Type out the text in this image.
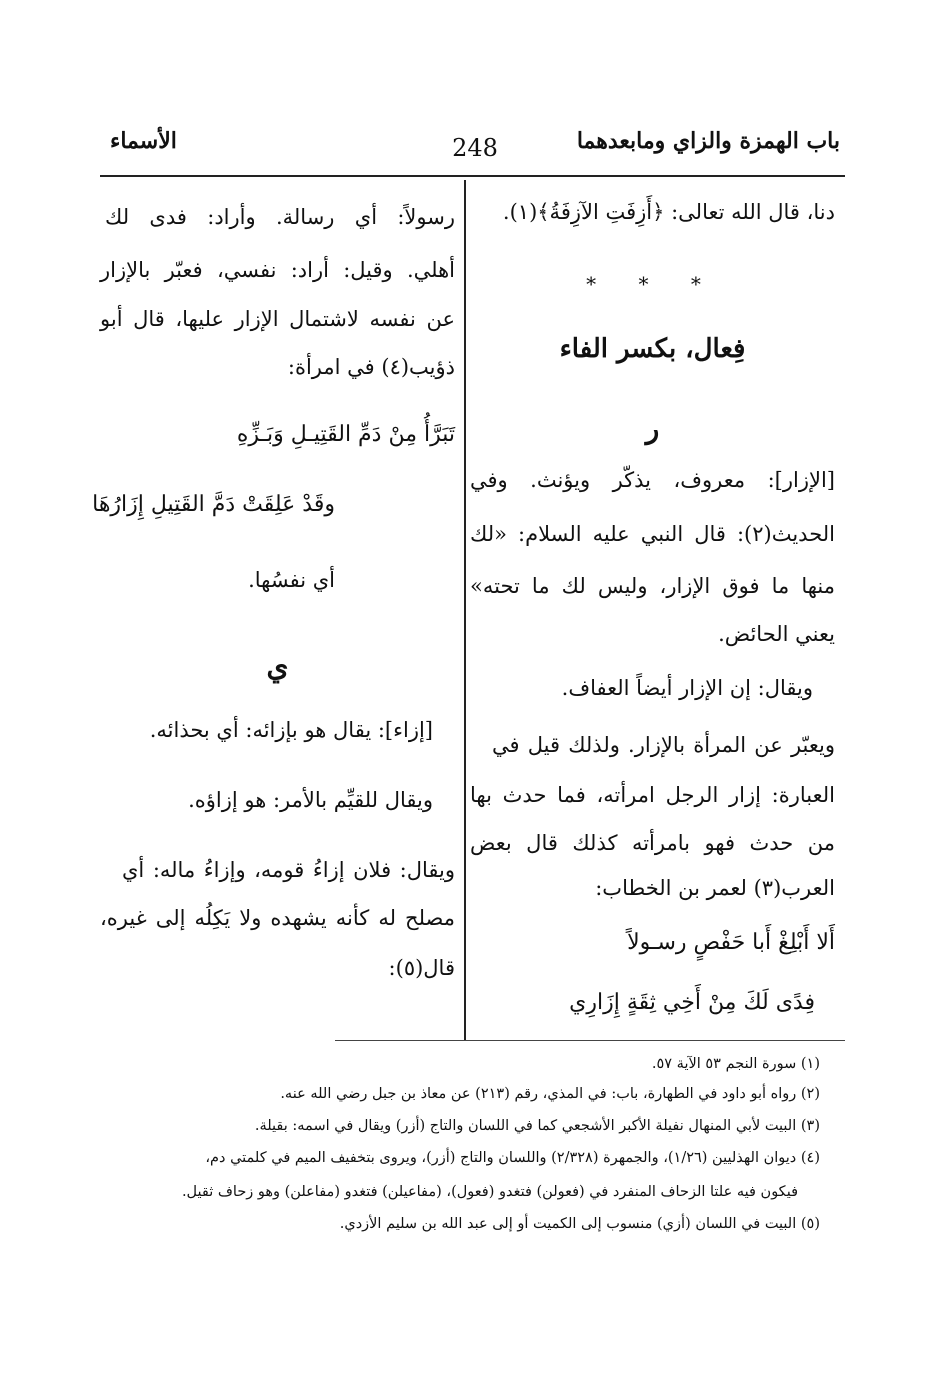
باب الهمزة والزاي ومابعدهما
248
الأسماء
دنا، قال الله تعالى: ﴿أَزِفَتِ الآزِفَةُ﴾(١).
* * *
فِعال، بكسر الفاء
ر
[الإزار]: معروف، يذكّر ويؤنث. وفي
الحديث(٢): قال النبي عليه السلام: «لك
منها ما فوق الإزار، وليس لك ما تحته»
يعني الحائض.
ويقال: إن الإزار أيضاً العفاف.
ويعبّر عن المرأة بالإزار. ولذلك قيل في
العبارة: إزار الرجل امرأته، فما حدث بها
من حدث فهو بامرأته كذلك قال بعض
العرب(٣) لعمر بن الخطاب:
أَلا أَبْلِغْ أَبا حَفْصٍ رسـولاً
فِدًى لَكَ مِنْ أَخِي ثِقَةٍ إِزَارِي
رسولاً: أي رسالة. وأراد: فدى لك
أهلي. وقيل: أراد: نفسي، فعبّر بالإزار
عن نفسه لاشتمال الإزار عليها، قال أبو
ذؤيب(٤) في امرأة:
تَبَرَّأُ مِنْ دَمِّ القَتِيـلِ وَبَـزِّهِ
وقَدْ عَلِقَتْ دَمَّ القَتِيلِ إِزَارُهَا
أي نفسُها.
ي
[إزاء]: يقال هو بإزائه: أي بحذائه.
ويقال للقيِّم بالأمر: هو إزاؤه.
ويقال: فلان إزاءُ قومه، وإزاءُ ماله: أي
مصلح له كأنه يشهده ولا يَكِلُه إلى غيره،
قال(٥):
(١) سورة النجم ٥٣ الآية ٥٧.
(٢) رواه أبو داود في الطهارة، باب: في المذي، رقم (٢١٣) عن معاذ بن جبل رضي الله عنه.
(٣) البيت لأبي المنهال نفيلة الأكبر الأشجعي كما في اللسان والتاج (أزر) ويقال في اسمه: بقيلة.
(٤) ديوان الهذليين (١/٢٦)، والجمهرة (٢/٣٢٨) واللسان والتاج (أزر)، ويروى بتخفيف الميم في كلمتي دم،
فيكون فيه علتا الزحاف المنفرد في (فعولن) فتغدو (فعول)، (مفاعيلن) فتغدو (مفاعلن) وهو زحاف ثقيل.
(٥) البيت في اللسان (أزي) منسوب إلى الكميت أو إلى عبد الله بن سليم الأزدي.
